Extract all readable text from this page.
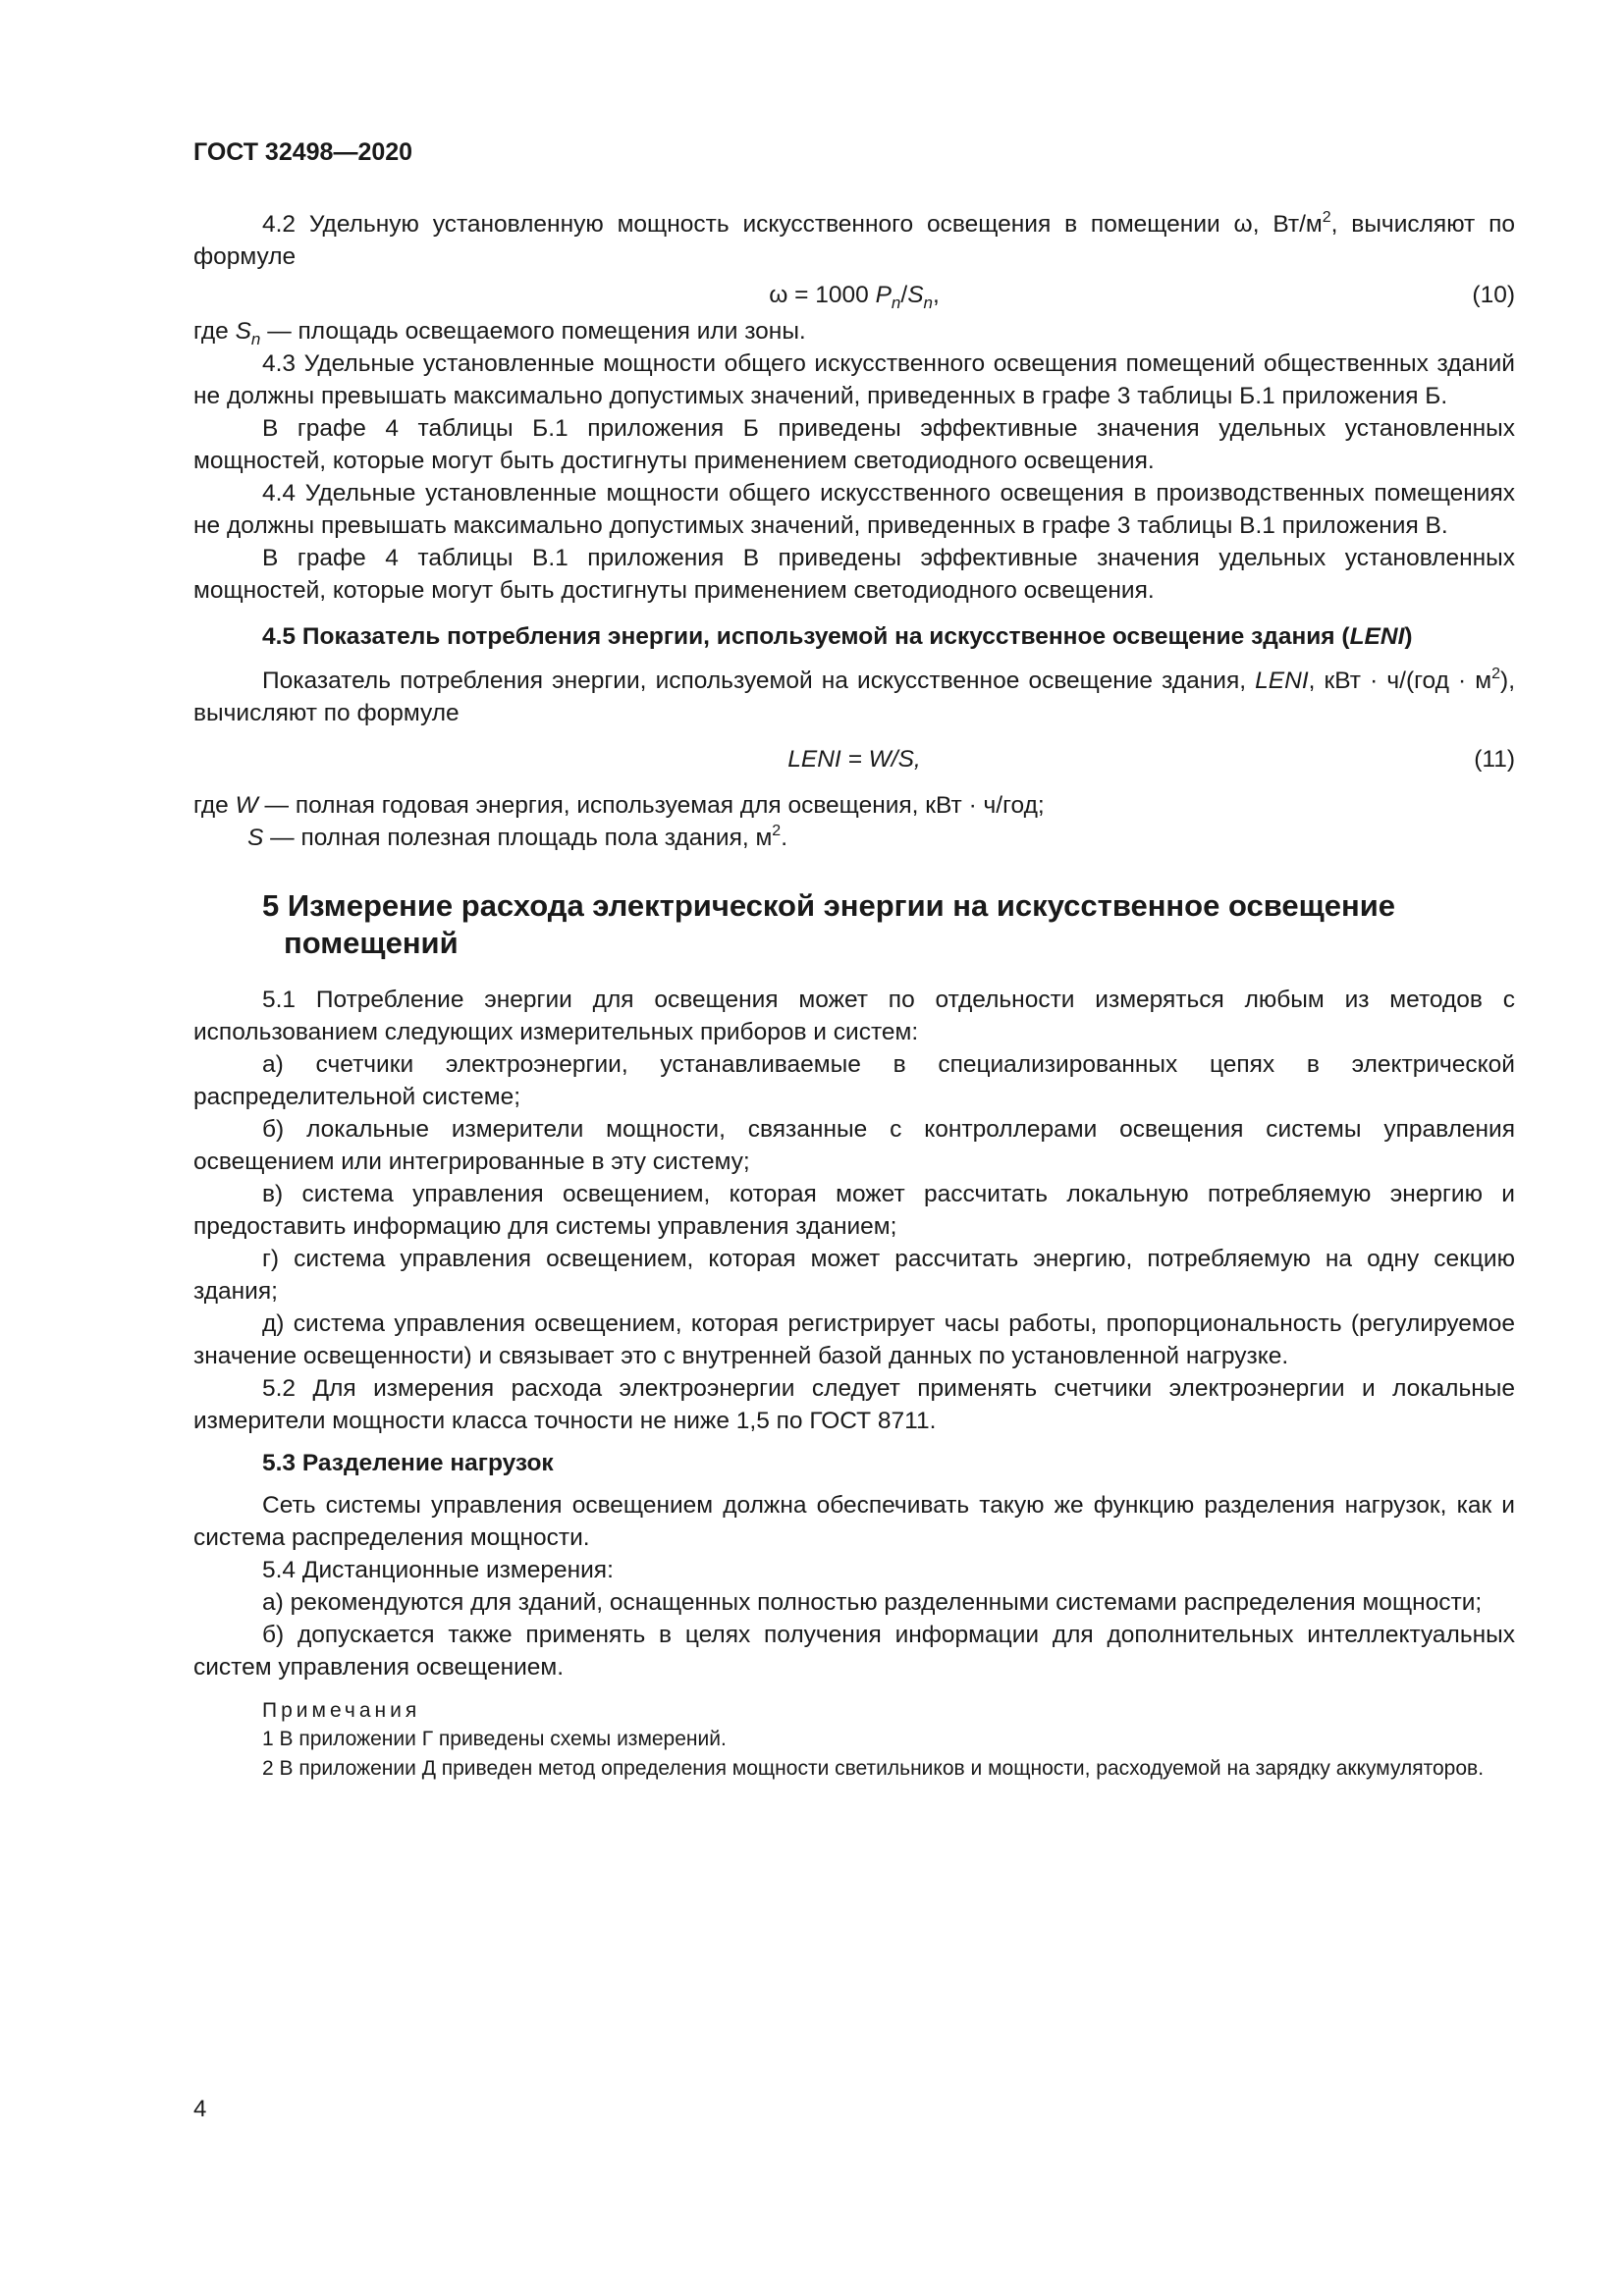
ГОСТ 32498—2020

4.2 Удельную установленную мощность искусственного освещения в помещении ω, $Вт/м^2$, вычисляют по формуле

ω = 1000 $P_n/S_n$,	(10)

где $S_n$ — площадь освещаемого помещения или зоны.

4.3 Удельные установленные мощности общего искусственного освещения помещений общественных зданий не должны превышать максимально допустимых значений, приведенных в графе 3 таблицы Б.1 приложения Б.

В графе 4 таблицы Б.1 приложения Б приведены эффективные значения удельных установленных мощностей, которые могут быть достигнуты применением светодиодного освещения.

4.4 Удельные установленные мощности общего искусственного освещения в производственных помещениях не должны превышать максимально допустимых значений, приведенных в графе 3 таблицы В.1 приложения В.

В графе 4 таблицы В.1 приложения В приведены эффективные значения удельных установленных мощностей, которые могут быть достигнуты применением светодиодного освещения.

4.5 Показатель потребления энергии, используемой на искусственное освещение здания (LENI)

Показатель потребления энергии, используемой на искусственное освещение здания, LENI, кВт · $ч/(год \cdot м^2)$, вычисляют по формуле

LENI = W/S,	(11)

где W — полная годовая энергия, используемая для освещения, кВт · ч/год;

S — полная полезная площадь пола здания, $м^2$.

5 Измерение расхода электрической энергии на искусственное освещение помещений

5.1 Потребление энергии для освещения может по отдельности измеряться любым из методов с использованием следующих измерительных приборов и систем:

а) счетчики электроэнергии, устанавливаемые в специализированных цепях в электрической распределительной системе;

б) локальные измерители мощности, связанные с контроллерами освещения системы управления освещением или интегрированные в эту систему;

в) система управления освещением, которая может рассчитать локальную потребляемую энергию и предоставить информацию для системы управления зданием;

г) система управления освещением, которая может рассчитать энергию, потребляемую на одну секцию здания;

д) система управления освещением, которая регистрирует часы работы, пропорциональность (регулируемое значение освещенности) и связывает это с внутренней базой данных по установленной нагрузке.

5.2 Для измерения расхода электроэнергии следует применять счетчики электроэнергии и локальные измерители мощности класса точности не ниже 1,5 по ГОСТ 8711.

5.3 Разделение нагрузок

Сеть системы управления освещением должна обеспечивать такую же функцию разделения нагрузок, как и система распределения мощности.

5.4 Дистанционные измерения:

а) рекомендуются для зданий, оснащенных полностью разделенными системами распределения мощности;

б) допускается также применять в целях получения информации для дополнительных интеллектуальных систем управления освещением.

Примечания

1 В приложении Г приведены схемы измерений.

2 В приложении Д приведен метод определения мощности светильников и мощности, расходуемой на зарядку аккумуляторов.

4
